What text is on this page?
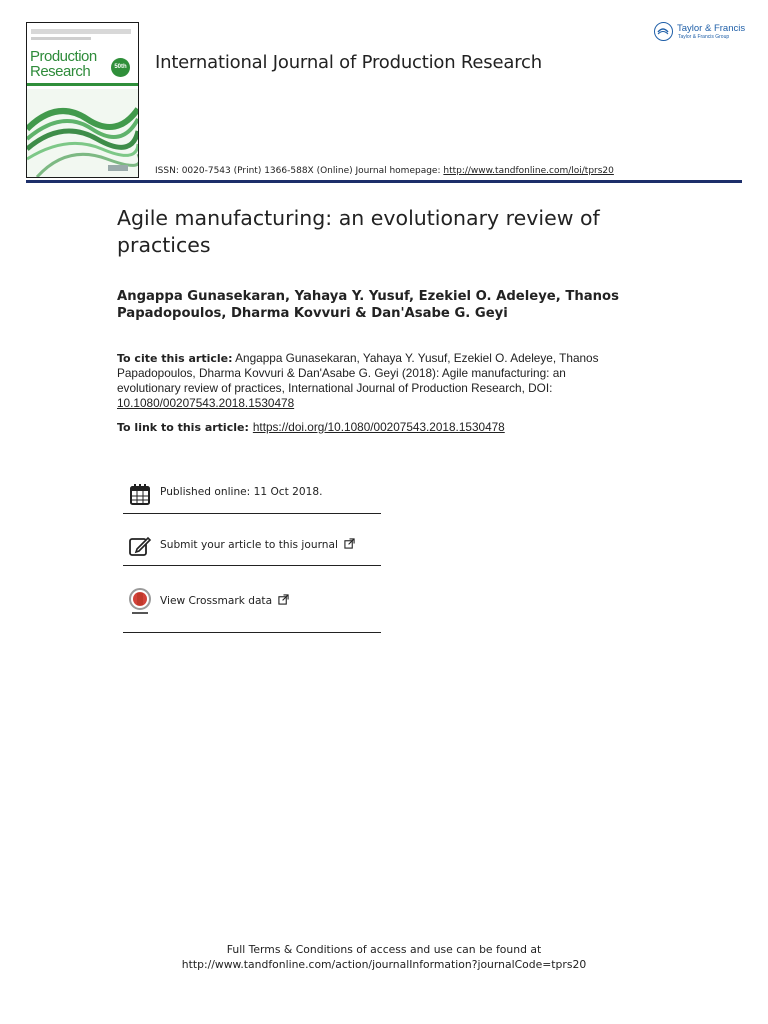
Production
Research	50th International Journal of Production Research
Taylor & Francis
Taylor & Francis Group
ISSN: 0020-7543 (Print) 1366-588X (Online) Journal homepage: http://www.tandfonline.com/loi/tprs20
Agile manufacturing: an evolutionary review of practices
Angappa Gunasekaran, Yahaya Y. Yusuf, Ezekiel O. Adeleye, Thanos Papadopoulos, Dharma Kovvuri & Dan'Asabe G. Geyi
To cite this article: Angappa Gunasekaran, Yahaya Y. Yusuf, Ezekiel O. Adeleye, Thanos Papadopoulos, Dharma Kovvuri & Dan'Asabe G. Geyi (2018): Agile manufacturing: an evolutionary review of practices, International Journal of Production Research, DOI: 10.1080/00207543.2018.1530478
To link to this article: https://doi.org/10.1080/00207543.2018.1530478
Published online: 11 Oct 2018.
Submit your article to this journal
View Crossmark data
Full Terms & Conditions of access and use can be found at
http://www.tandfonline.com/action/journalInformation?journalCode=tprs20
